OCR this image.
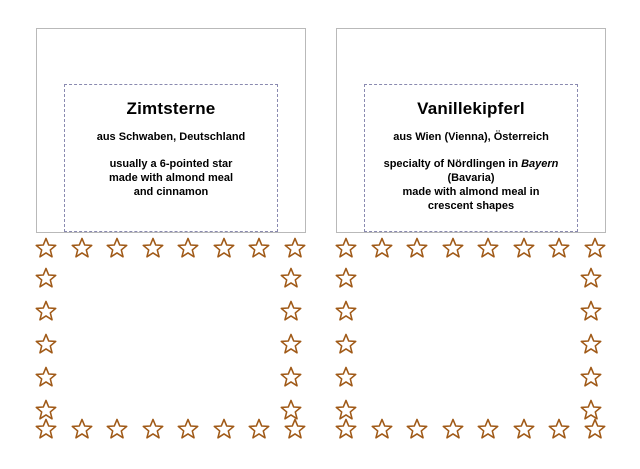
Zimtsterne
aus Schwaben, Deutschland
usually a 6-pointed star
made with almond meal
and cinnamon
Vanillekipferl
aus Wien (Vienna), Österreich
specialty of Nördlingen in Bayern
(Bavaria)
made with almond meal in
crescent shapes
